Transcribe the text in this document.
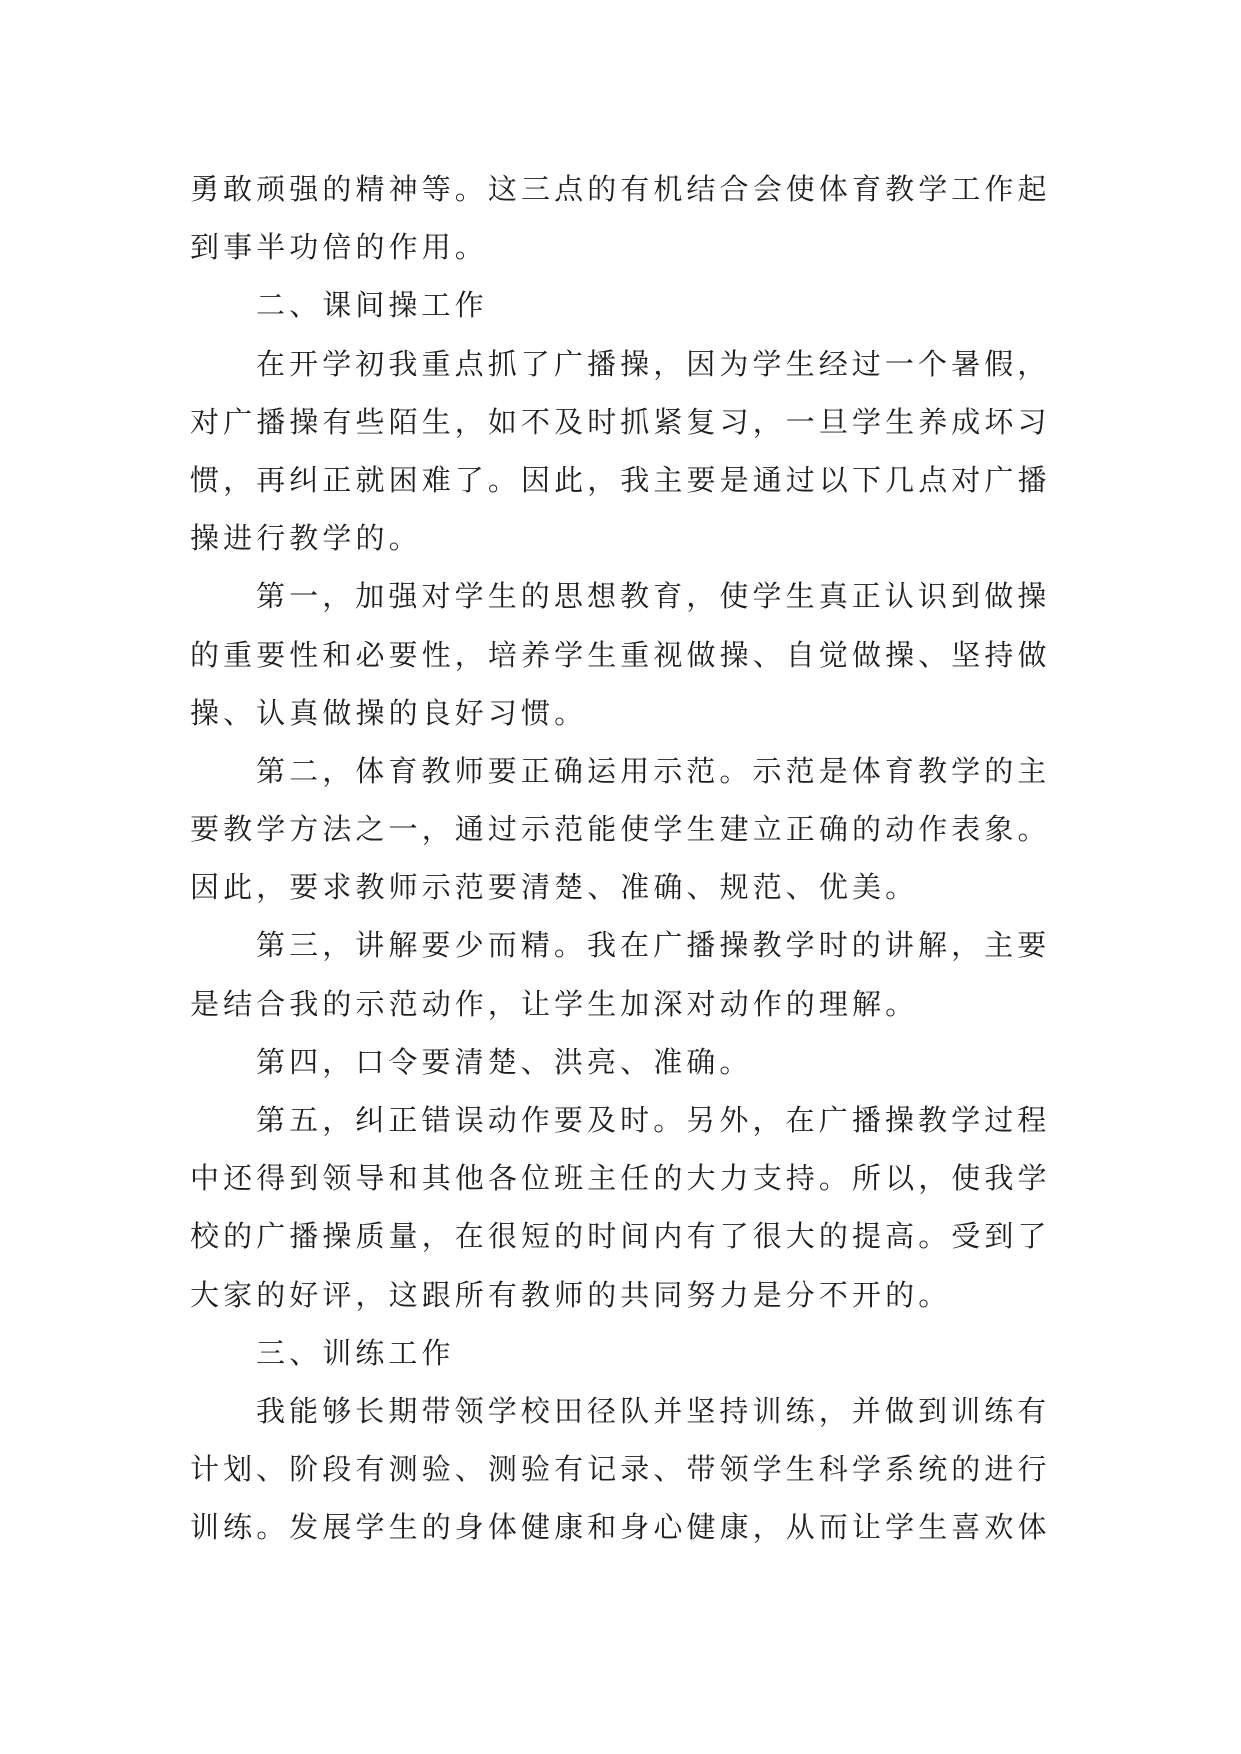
勇敢顽强的精神等。这三点的有机结合会使体育教学工作起
到事半功倍的作用。
二、课间操工作
在开学初我重点抓了广播操，因为学生经过一个暑假，
对广播操有些陌生，如不及时抓紧复习，一旦学生养成坏习
惯，再纠正就困难了。因此，我主要是通过以下几点对广播
操进行教学的。
第一，加强对学生的思想教育，使学生真正认识到做操
的重要性和必要性，培养学生重视做操、自觉做操、坚持做
操、认真做操的良好习惯。
第二，体育教师要正确运用示范。示范是体育教学的主
要教学方法之一，通过示范能使学生建立正确的动作表象。
因此，要求教师示范要清楚、准确、规范、优美。
第三，讲解要少而精。我在广播操教学时的讲解，主要
是结合我的示范动作，让学生加深对动作的理解。
第四，口令要清楚、洪亮、准确。
第五，纠正错误动作要及时。另外，在广播操教学过程
中还得到领导和其他各位班主任的大力支持。所以，使我学
校的广播操质量，在很短的时间内有了很大的提高。受到了
大家的好评，这跟所有教师的共同努力是分不开的。
三、训练工作
我能够长期带领学校田径队并坚持训练，并做到训练有
计划、阶段有测验、测验有记录、带领学生科学系统的进行
训练。发展学生的身体健康和身心健康，从而让学生喜欢体
